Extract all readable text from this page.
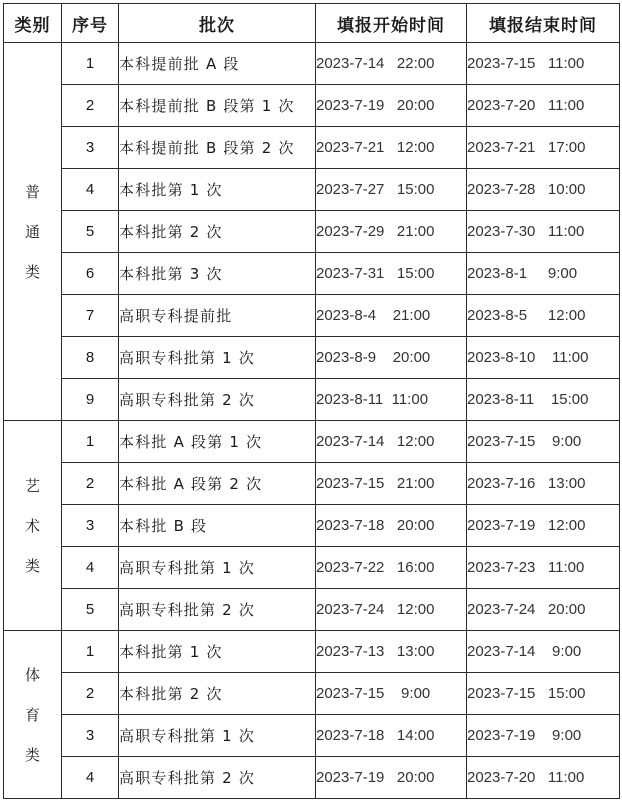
类别	序号	批次	填报开始时间	填报结束时间

普
通
类	1	本科提前批 A 段	2023-7-14   22:00	2023-7-15   11:00
	2	本科提前批 B 段第 1 次	2023-7-19   20:00	2023-7-20   11:00
	3	本科提前批 B 段第 2 次	2023-7-21   12:00	2023-7-21   17:00
	4	本科批第 1 次	2023-7-27   15:00	2023-7-28   10:00
	5	本科批第 2 次	2023-7-29   21:00	2023-7-30   11:00
	6	本科批第 3 次	2023-7-31   15:00	2023-8-1     9:00
	7	高职专科提前批	2023-8-4    21:00	2023-8-5     12:00
	8	高职专科批第 1 次	2023-8-9    20:00	2023-8-10    11:00
	9	高职专科批第 2 次	2023-8-11  11:00	2023-8-11    15:00

艺
术
类	1	本科批 A 段第 1 次	2023-7-14   12:00	2023-7-15    9:00
	2	本科批 A 段第 2 次	2023-7-15   21:00	2023-7-16   13:00
	3	本科批 B 段	2023-7-18   20:00	2023-7-19   12:00
	4	高职专科批第 1 次	2023-7-22   16:00	2023-7-23   11:00
	5	高职专科批第 2 次	2023-7-24   12:00	2023-7-24   20:00

体
育
类	1	本科批第 1 次	2023-7-13   13:00	2023-7-14    9:00
	2	本科批第 2 次	2023-7-15    9:00	2023-7-15   15:00
	3	高职专科批第 1 次	2023-7-18   14:00	2023-7-19    9:00
	4	高职专科批第 2 次	2023-7-19   20:00	2023-7-20   11:00
